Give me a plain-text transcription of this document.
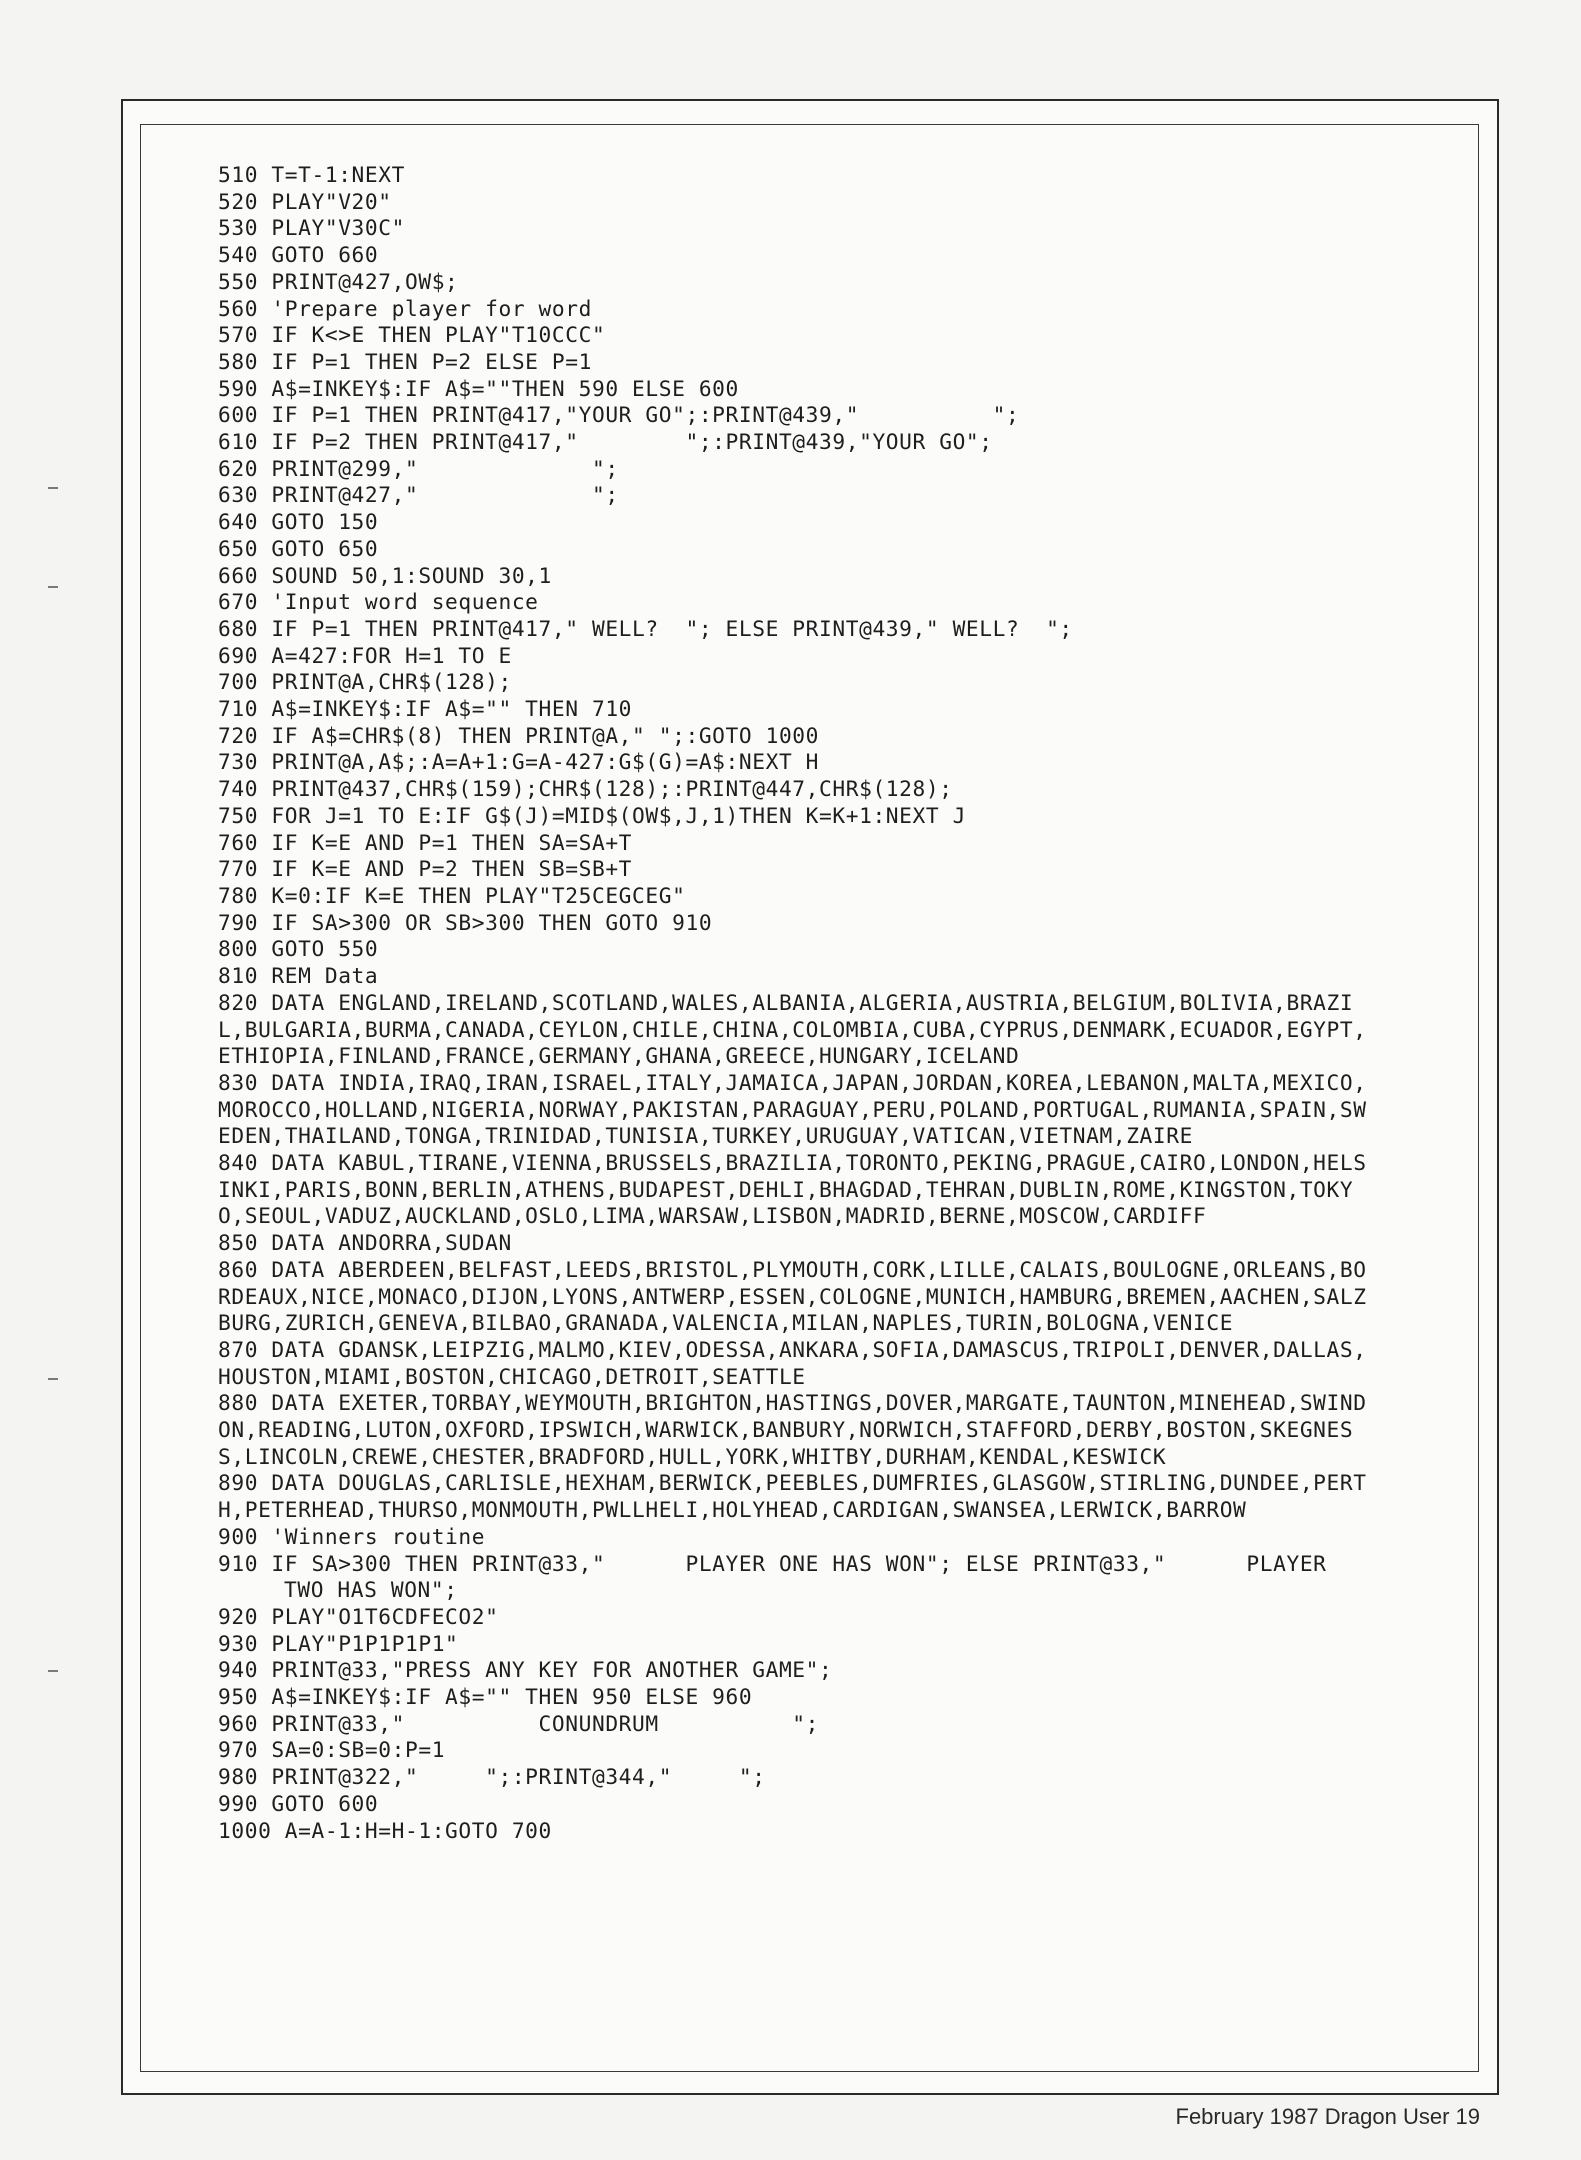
510 T=T-1:NEXT
520 PLAY"V20"
530 PLAY"V30C"
540 GOTO 660
550 PRINT@427,OW$;
560 'Prepare player for word
570 IF K<>E THEN PLAY"T10CCC"
580 IF P=1 THEN P=2 ELSE P=1
590 A$=INKEY$:IF A$=""THEN 590 ELSE 600
600 IF P=1 THEN PRINT@417,"YOUR GO";:PRINT@439,"          ";
610 IF P=2 THEN PRINT@417,"        ";:PRINT@439,"YOUR GO";
620 PRINT@299,"             ";
630 PRINT@427,"             ";
640 GOTO 150
650 GOTO 650
660 SOUND 50,1:SOUND 30,1
670 'Input word sequence
680 IF P=1 THEN PRINT@417," WELL?  "; ELSE PRINT@439," WELL?  ";
690 A=427:FOR H=1 TO E
700 PRINT@A,CHR$(128);
710 A$=INKEY$:IF A$="" THEN 710
720 IF A$=CHR$(8) THEN PRINT@A," ";:GOTO 1000
730 PRINT@A,A$;:A=A+1:G=A-427:G$(G)=A$:NEXT H
740 PRINT@437,CHR$(159);CHR$(128);:PRINT@447,CHR$(128);
750 FOR J=1 TO E:IF G$(J)=MID$(OW$,J,1)THEN K=K+1:NEXT J
760 IF K=E AND P=1 THEN SA=SA+T
770 IF K=E AND P=2 THEN SB=SB+T
780 K=0:IF K=E THEN PLAY"T25CEGCEG"
790 IF SA>300 OR SB>300 THEN GOTO 910
800 GOTO 550
810 REM Data
820 DATA ENGLAND,IRELAND,SCOTLAND,WALES,ALBANIA,ALGERIA,AUSTRIA,BELGIUM,BOLIVIA,BRAZIL,BULGARIA,BURMA,CANADA,CEYLON,CHILE,CHINA,COLOMBIA,CUBA,CYPRUS,DENMARK,ECUADOR,EGYPT,ETHIOPIA,FINLAND,FRANCE,GERMANY,GHANA,GREECE,HUNGARY,ICELAND
830 DATA INDIA,IRAQ,IRAN,ISRAEL,ITALY,JAMAICA,JAPAN,JORDAN,KOREA,LEBANON,MALTA,MEXICO,MOROCCO,HOLLAND,NIGERIA,NORWAY,PAKISTAN,PARAGUAY,PERU,POLAND,PORTUGAL,RUMANIA,SPAIN,SWEDEN,THAILAND,TONGA,TRINIDAD,TUNISIA,TURKEY,URUGUAY,VATICAN,VIETNAM,ZAIRE
840 DATA KABUL,TIRANE,VIENNA,BRUSSELS,BRAZILIA,TORONTO,PEKING,PRAGUE,CAIRO,LONDON,HELSINKI,PARIS,BONN,BERLIN,ATHENS,BUDAPEST,DEHLI,BHAGDAD,TEHRAN,DUBLIN,ROME,KINGSTON,TOKYO,SEOUL,VADUZ,AUCKLAND,OSLO,LIMA,WARSAW,LISBON,MADRID,BERNE,MOSCOW,CARDIFF
850 DATA ANDORRA,SUDAN
860 DATA ABERDEEN,BELFAST,LEEDS,BRISTOL,PLYMOUTH,CORK,LILLE,CALAIS,BOULOGNE,ORLEANS,BORDEAUX,NICE,MONACO,DIJON,LYONS,ANTWERP,ESSEN,COLOGNE,MUNICH,HAMBURG,BREMEN,AACHEN,SALZBURG,ZURICH,GENEVA,BILBAO,GRANADA,VALENCIA,MILAN,NAPLES,TURIN,BOLOGNA,VENICE
870 DATA GDANSK,LEIPZIG,MALMO,KIEV,ODESSA,ANKARA,SOFIA,DAMASCUS,TRIPOLI,DENVER,DALLAS,HOUSTON,MIAMI,BOSTON,CHICAGO,DETROIT,SEATTLE
880 DATA EXETER,TORBAY,WEYMOUTH,BRIGHTON,HASTINGS,DOVER,MARGATE,TAUNTON,MINEHEAD,SWINDON,READING,LUTON,OXFORD,IPSWICH,WARWICK,BANBURY,NORWICH,STAFFORD,DERBY,BOSTON,SKEGNESS,LINCOLN,CREWE,CHESTER,BRADFORD,HULL,YORK,WHITBY,DURHAM,KENDAL,KESWICK
890 DATA DOUGLAS,CARLISLE,HEXHAM,BERWICK,PEEBLES,DUMFRIES,GLASGOW,STIRLING,DUNDEE,PERTH,PETERHEAD,THURSO,MONMOUTH,PWLLHELI,HOLYHEAD,CARDIGAN,SWANSEA,LERWICK,BARROW
900 'Winners routine
910 IF SA>300 THEN PRINT@33,"      PLAYER ONE HAS WON"; ELSE PRINT@33,"      PLAYER TWO HAS WON";
920 PLAY"O1T6CDFECO2"
930 PLAY"P1P1P1P1"
940 PRINT@33,"PRESS ANY KEY FOR ANOTHER GAME";
950 A$=INKEY$:IF A$="" THEN 950 ELSE 960
960 PRINT@33,"          CONUNDRUM          ";
970 SA=0:SB=0:P=1
980 PRINT@322,"     ";:PRINT@344,"     ";
990 GOTO 600
1000 A=A-1:H=H-1:GOTO 700
February 1987 Dragon User 19
